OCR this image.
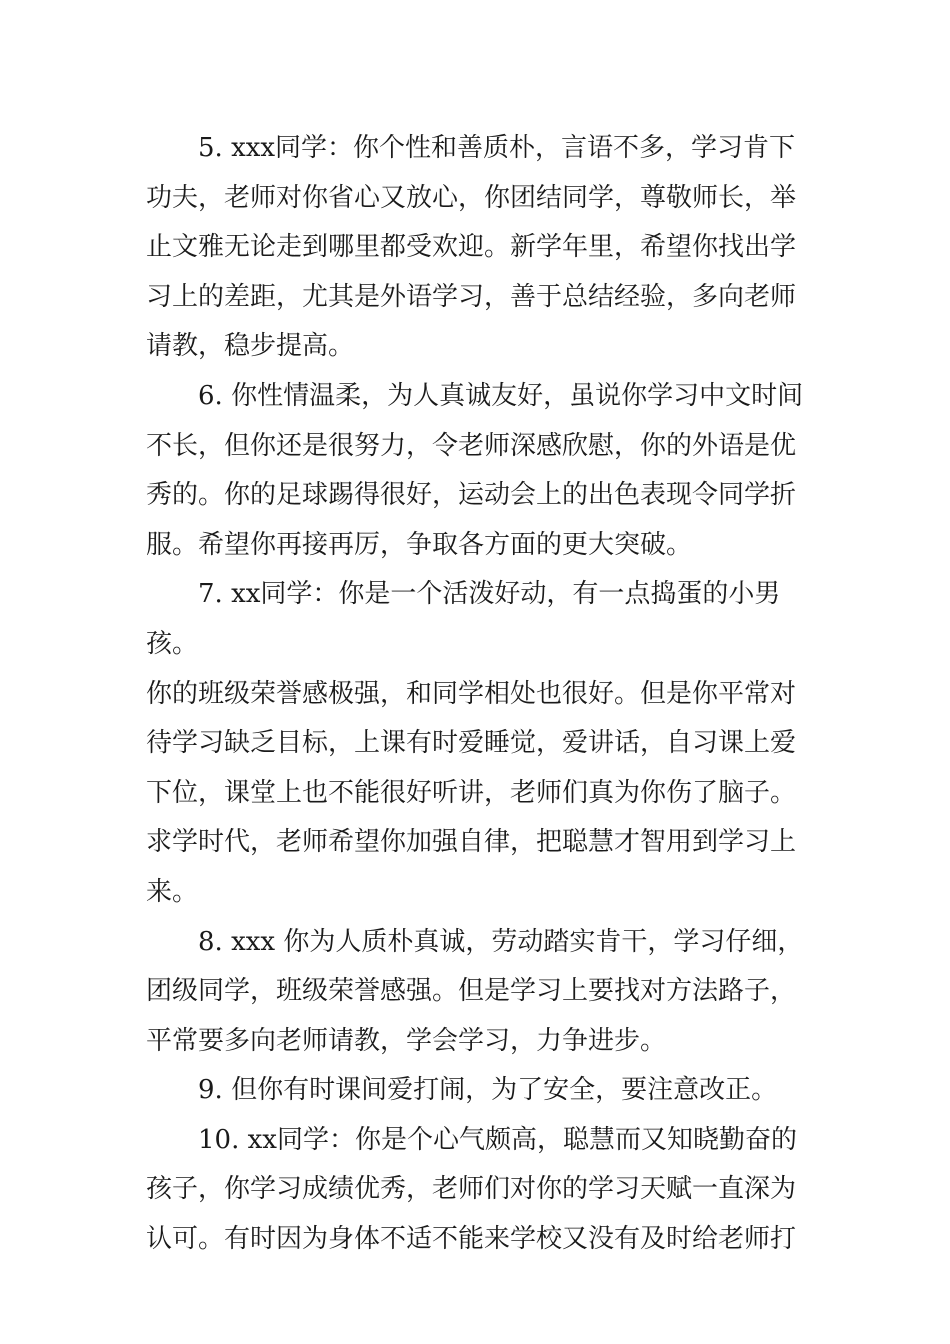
5. xxx同学：你个性和善质朴，言语不多，学习肯下
功夫，老师对你省心又放心，你团结同学，尊敬师长，举
止文雅无论走到哪里都受欢迎。新学年里，希望你找出学
习上的差距，尤其是外语学习，善于总结经验，多向老师
请教，稳步提高。

6. 你性情温柔，为人真诚友好，虽说你学习中文时间
不长，但你还是很努力，令老师深感欣慰，你的外语是优
秀的。你的足球踢得很好，运动会上的出色表现令同学折
服。希望你再接再厉，争取各方面的更大突破。

7. xx同学：你是一个活泼好动，有一点捣蛋的小男孩。
你的班级荣誉感极强，和同学相处也很好。但是你平常对
待学习缺乏目标，上课有时爱睡觉，爱讲话，自习课上爱
下位，课堂上也不能很好听讲，老师们真为你伤了脑子。
求学时代，老师希望你加强自律，把聪慧才智用到学习上
来。

8. xxx 你为人质朴真诚，劳动踏实肯干，学习仔细，
团级同学，班级荣誉感强。但是学习上要找对方法路子，
平常要多向老师请教，学会学习，力争进步。

9. 但你有时课间爱打闹，为了安全，要注意改正。

10. xx同学：你是个心气颇高，聪慧而又知晓勤奋的
孩子，你学习成绩优秀，老师们对你的学习天赋一直深为
认可。有时因为身体不适不能来学校又没有及时给老师打
